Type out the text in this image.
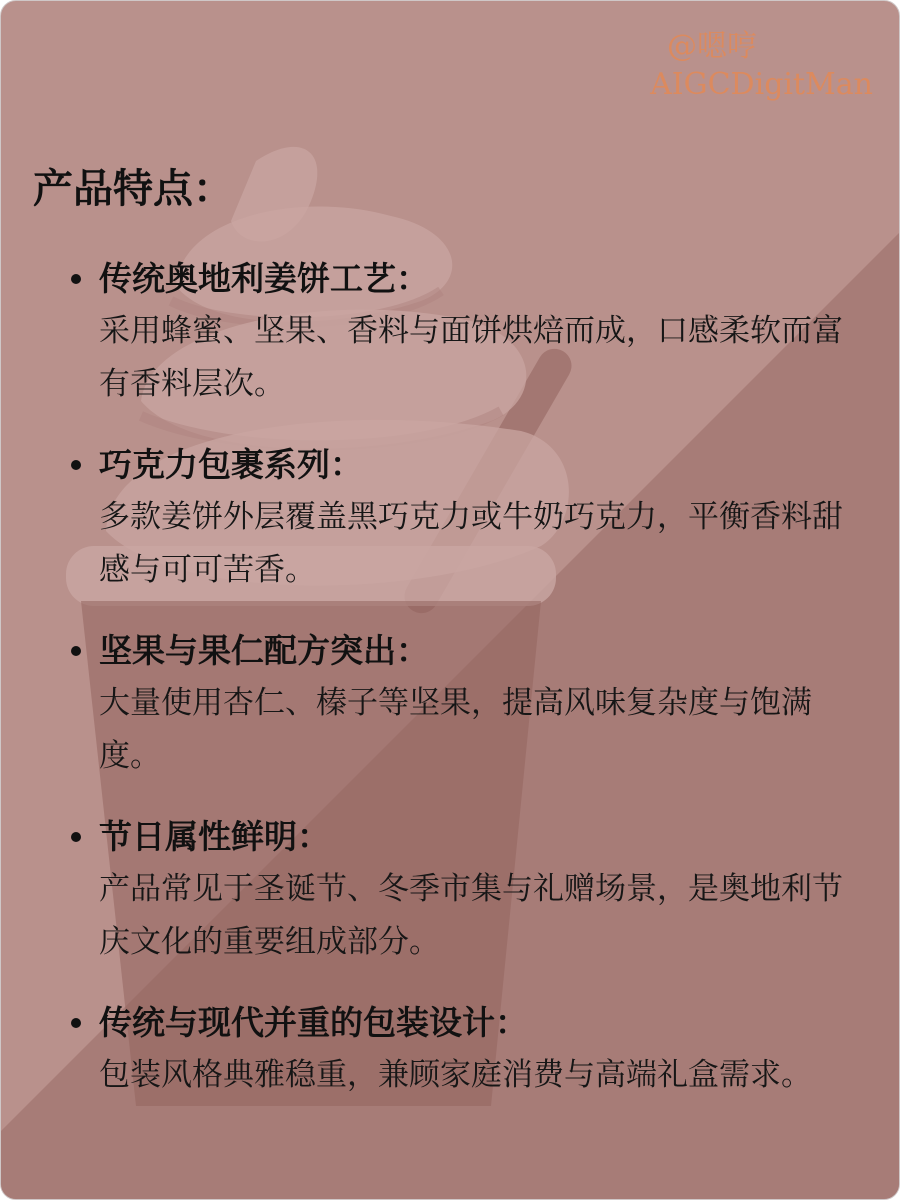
@嗯哼
AIGCDigitMan
产品特点：
传统奥地利姜饼工艺：
采用蜂蜜、坚果、香料与面饼烘焙而成，口感柔软而富有香料层次。
巧克力包裹系列：
多款姜饼外层覆盖黑巧克力或牛奶巧克力，平衡香料甜感与可可苦香。
坚果与果仁配方突出：
大量使用杏仁、榛子等坚果，提高风味复杂度与饱满度。
节日属性鲜明：
产品常见于圣诞节、冬季市集与礼赠场景，是奥地利节庆文化的重要组成部分。
传统与现代并重的包装设计：
包装风格典雅稳重，兼顾家庭消费与高端礼盒需求。
